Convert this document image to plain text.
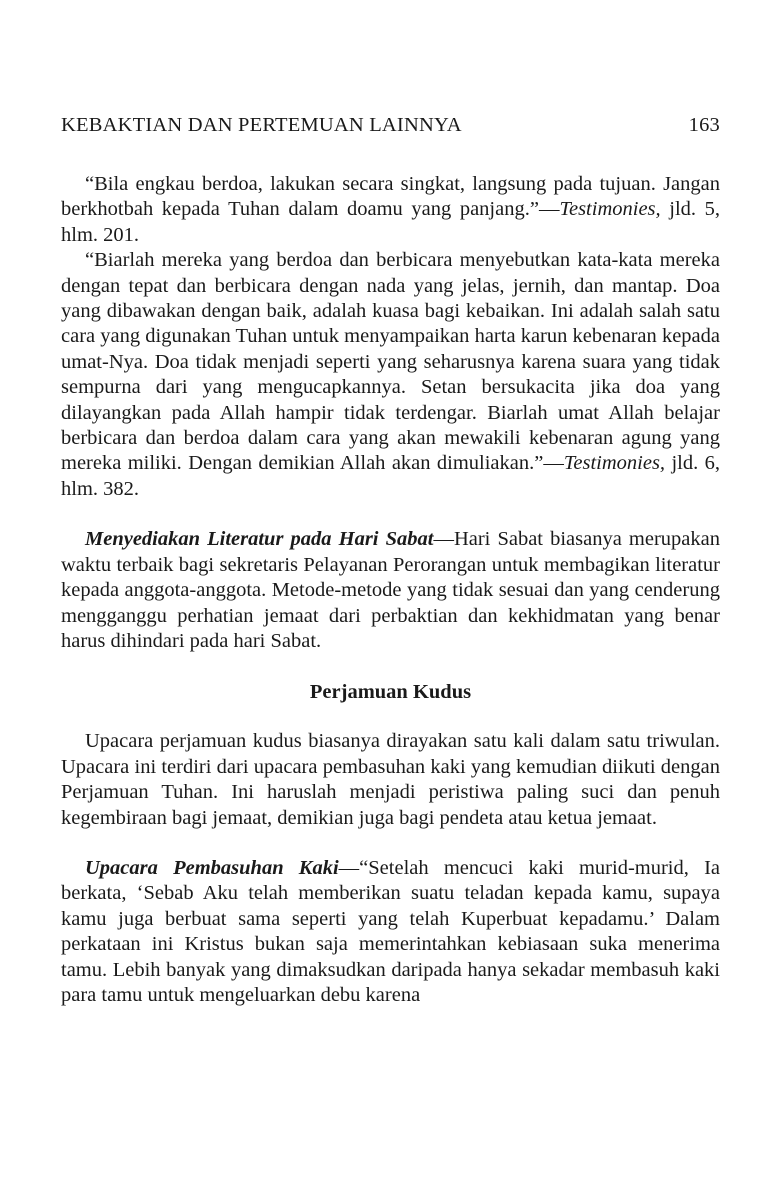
KEBAKTIAN DAN PERTEMUAN LAINNYA	163

“Bila engkau berdoa, lakukan secara singkat, langsung pada tujuan. Jangan berkhotbah kepada Tuhan dalam doamu yang panjang.”—Testimonies, jld. 5, hlm. 201.

“Biarlah mereka yang berdoa dan berbicara menyebutkan kata-kata mereka dengan tepat dan berbicara dengan nada yang jelas, jernih, dan mantap. Doa yang dibawakan dengan baik, adalah kuasa bagi kebaikan. Ini adalah salah satu cara yang digunakan Tuhan untuk menyampaikan harta karun kebenaran kepada umat-Nya. Doa tidak menjadi seperti yang seharusnya karena suara yang tidak sempurna dari yang mengucapkannya. Setan bersukacita jika doa yang dilayangkan pada Allah hampir tidak terdengar. Biarlah umat Allah belajar berbicara dan berdoa dalam cara yang akan mewakili kebenaran agung yang mereka miliki. Dengan demikian Allah akan dimuliakan.”—Testimonies, jld. 6, hlm. 382.

Menyediakan Literatur pada Hari Sabat—Hari Sabat biasanya merupakan waktu terbaik bagi sekretaris Pelayanan Perorangan untuk membagikan literatur kepada anggota-anggota. Metode-metode yang tidak sesuai dan yang cenderung mengganggu perhatian jemaat dari perbaktian dan kekhidmatan yang benar harus dihindari pada hari Sabat.

Perjamuan Kudus

Upacara perjamuan kudus biasanya dirayakan satu kali dalam satu triwulan. Upacara ini terdiri dari upacara pembasuhan kaki yang kemudian diikuti dengan Perjamuan Tuhan. Ini haruslah menjadi peristiwa paling suci dan penuh kegembiraan bagi jemaat, demikian juga bagi pendeta atau ketua jemaat.

Upacara Pembasuhan Kaki—“Setelah mencuci kaki murid-murid, Ia berkata, ‘Sebab Aku telah memberikan suatu teladan kepada kamu, supaya kamu juga berbuat sama seperti yang telah Kuperbuat kepadamu.’ Dalam perkataan ini Kristus bukan saja memerintahkan kebiasaan suka menerima tamu. Lebih banyak yang dimaksudkan daripada hanya sekadar membasuh kaki para tamu untuk mengeluarkan debu karena
